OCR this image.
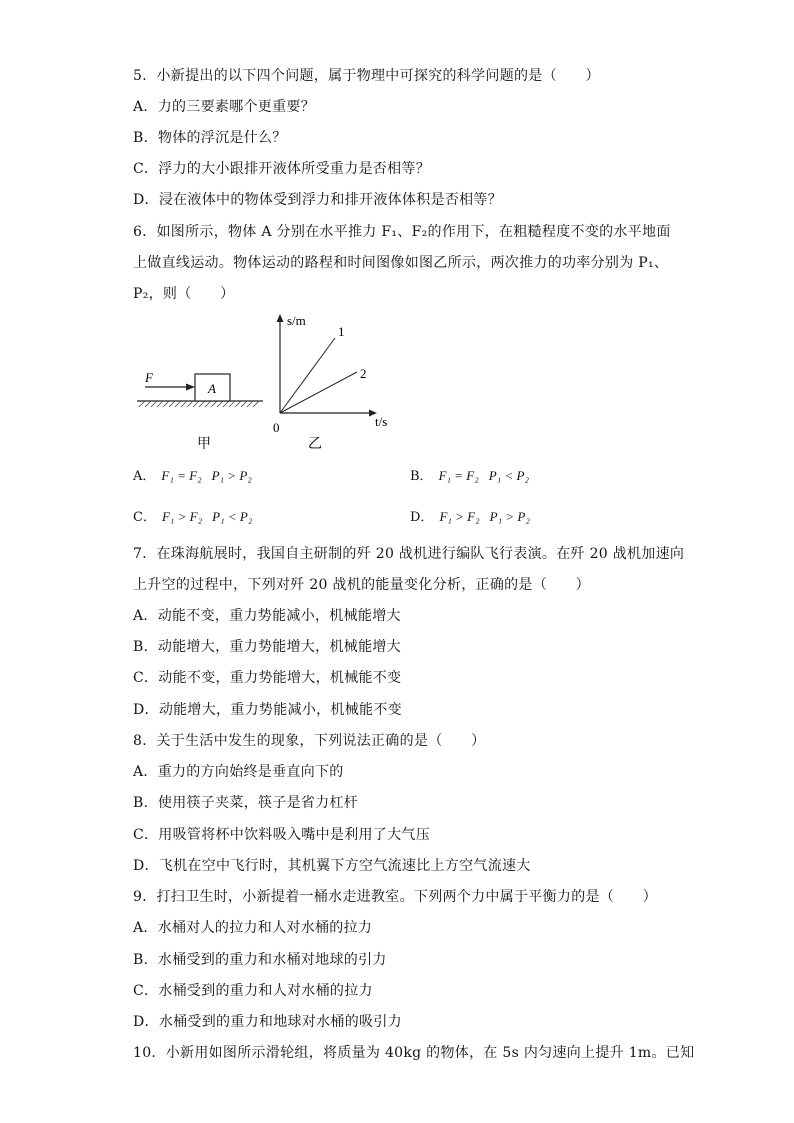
5．小新提出的以下四个问题，属于物理中可探究的科学问题的是（　　）
A．力的三要素哪个更重要？
B．物体的浮沉是什么？
C．浮力的大小跟排开液体所受重力是否相等？
D．浸在液体中的物体受到浮力和排开液体体积是否相等？
6．如图所示，物体 A 分别在水平推力 F₁、F₂的作用下，在粗糙程度不变的水平地面
上做直线运动。物体运动的路程和时间图像如图乙所示，两次推力的功率分别为 P₁、
P₂，则（　　）
A
F
甲
s/m
t/s
0
1
2
乙
A． F₁ = F₂ P₁ > P₂	B． F₁ = F₂ P₁ < P₂
C． F₁ > F₂ P₁ < P₂	D． F₁ > F₂ P₁ > P₂
7．在珠海航展时，我国自主研制的歼 20 战机进行编队飞行表演。在歼 20 战机加速向
上升空的过程中，下列对歼 20 战机的能量变化分析，正确的是（　　）
A．动能不变，重力势能减小，机械能增大
B．动能增大，重力势能增大，机械能增大
C．动能不变，重力势能增大，机械能不变
D．动能增大，重力势能减小，机械能不变
8．关于生活中发生的现象，下列说法正确的是（　　）
A．重力的方向始终是垂直向下的
B．使用筷子夹菜，筷子是省力杠杆
C．用吸管将杯中饮料吸入嘴中是利用了大气压
D．飞机在空中飞行时，其机翼下方空气流速比上方空气流速大
9．打扫卫生时，小新提着一桶水走进教室。下列两个力中属于平衡力的是（　　）
A．水桶对人的拉力和人对水桶的拉力
B．水桶受到的重力和水桶对地球的引力
C．水桶受到的重力和人对水桶的拉力
D．水桶受到的重力和地球对水桶的吸引力
10．小新用如图所示滑轮组，将质量为 40kg 的物体，在 5s 内匀速向上提升 1m。已知
